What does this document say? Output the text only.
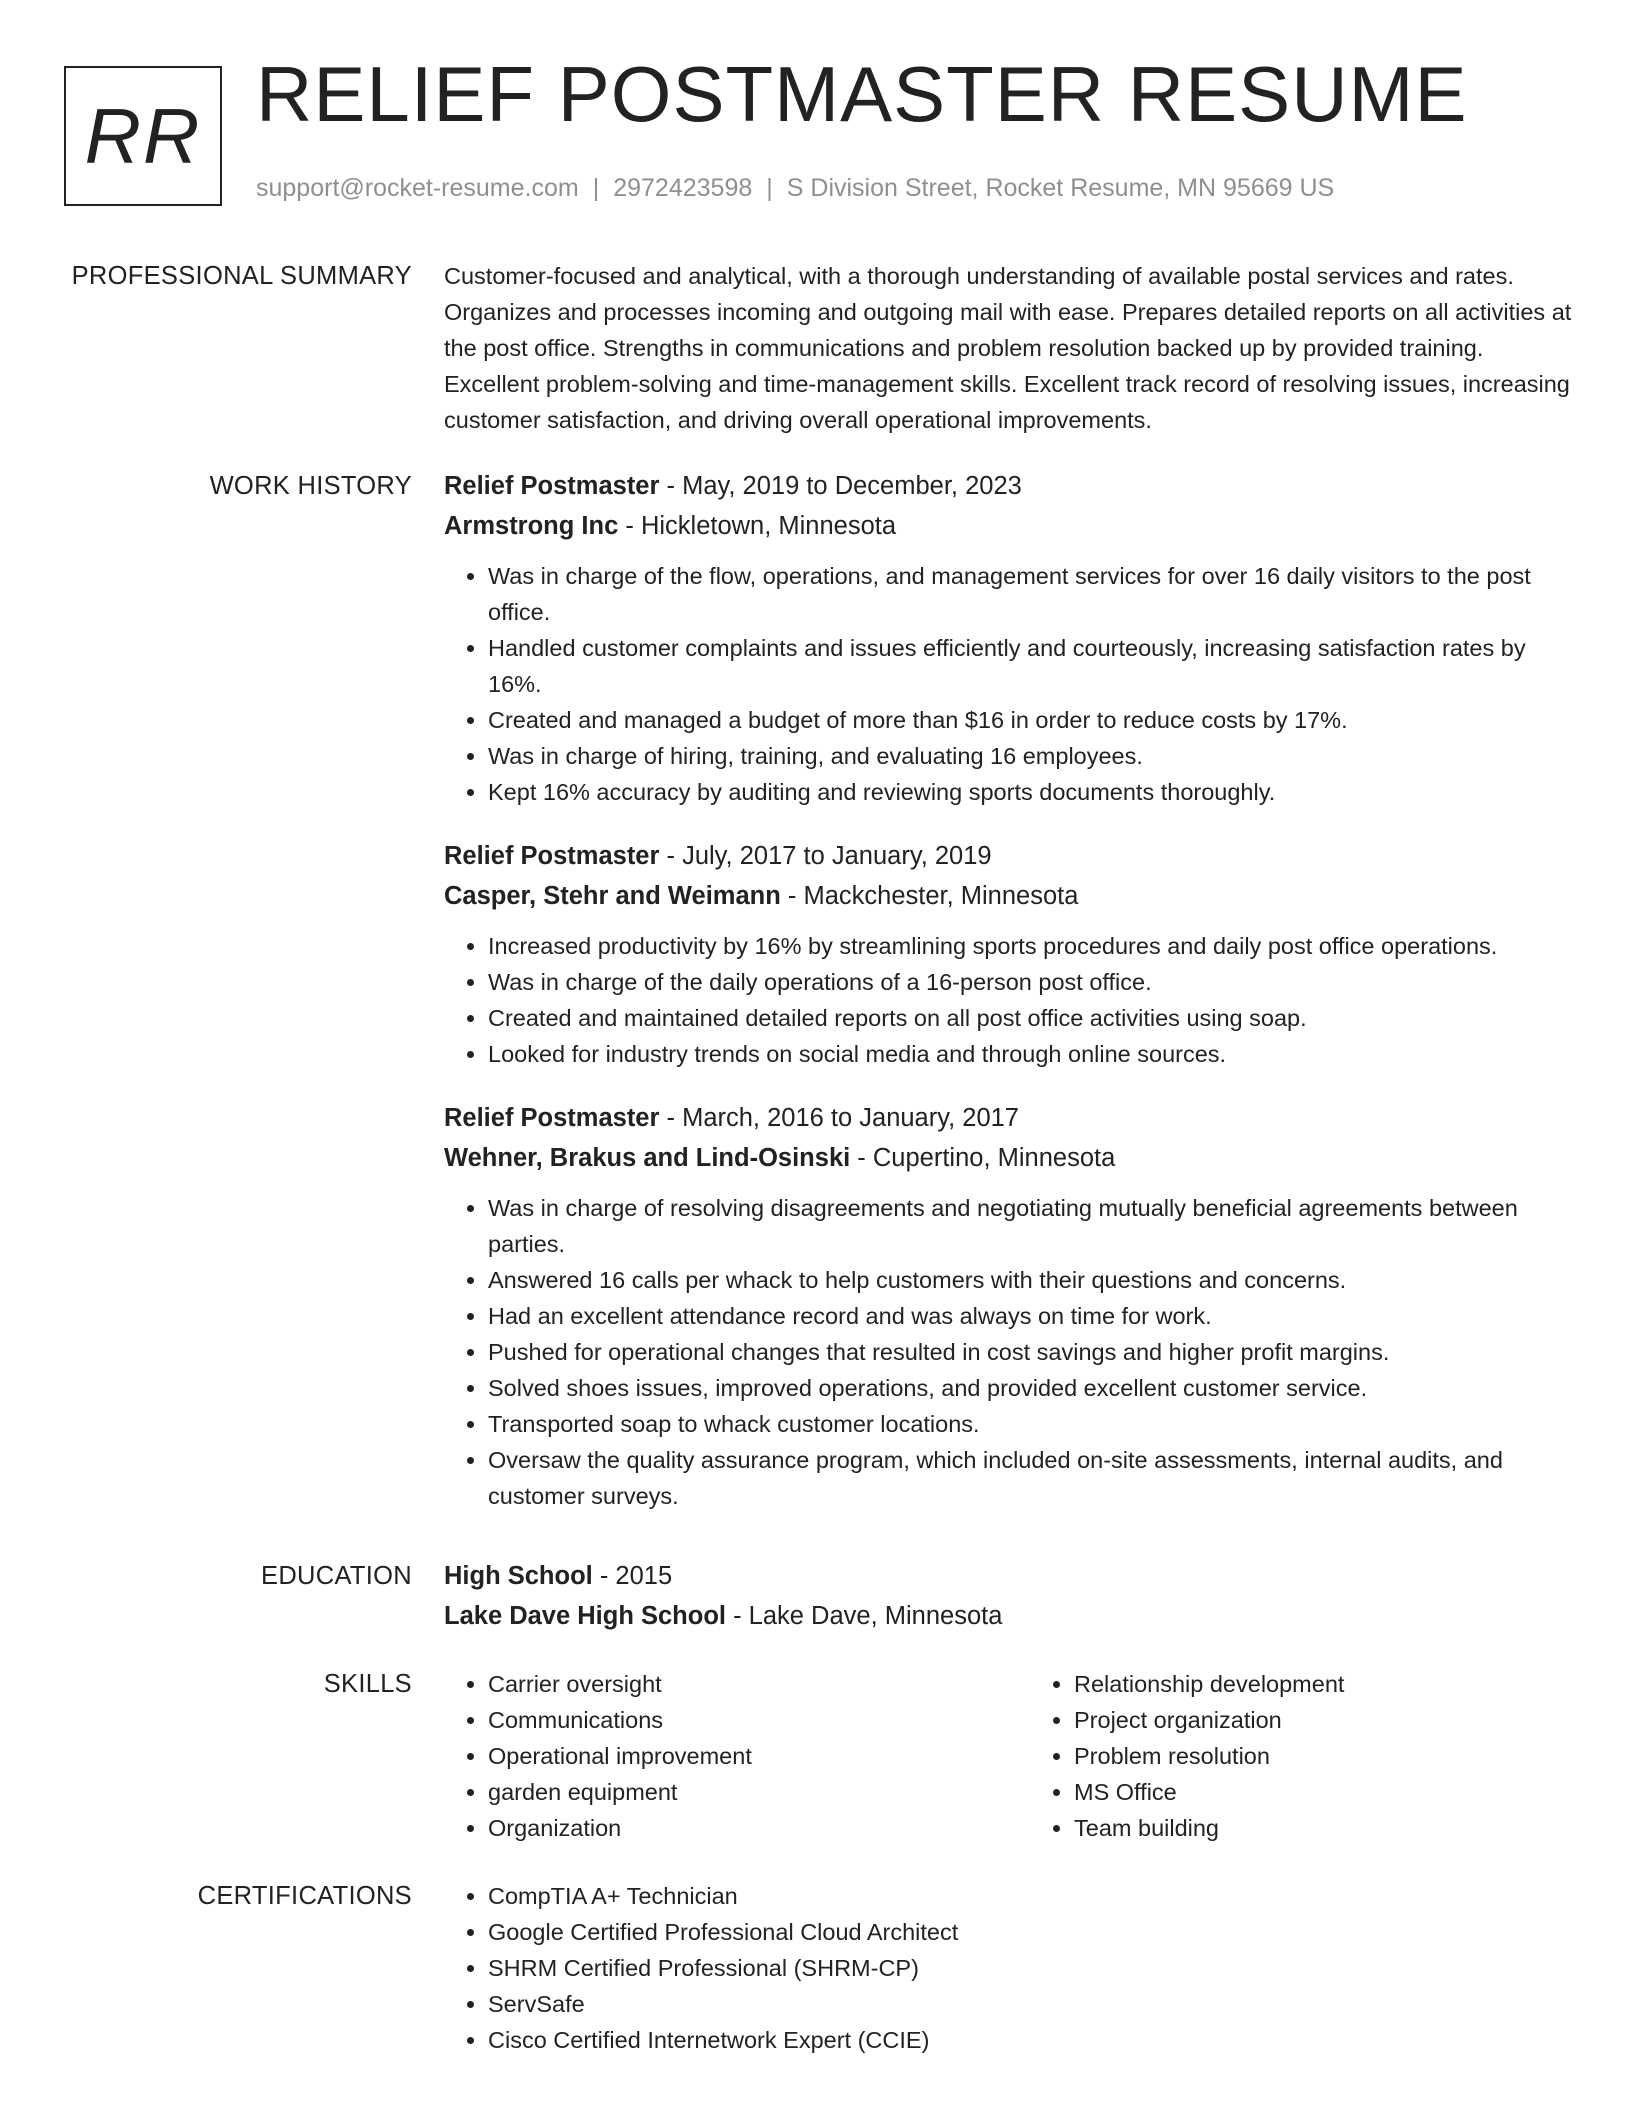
RR RELIEF POSTMASTER RESUME
support@rocket-resume.com | 2972423598 | S Division Street, Rocket Resume, MN 95669 US
PROFESSIONAL SUMMARY Customer-focused and analytical, with a thorough understanding of available postal services and rates. Organizes and processes incoming and outgoing mail with ease. Prepares detailed reports on all activities at the post office. Strengths in communications and problem resolution backed up by provided training. Excellent problem-solving and time-management skills. Excellent track record of resolving issues, increasing customer satisfaction, and driving overall operational improvements.

WORK HISTORY Relief Postmaster - May, 2019 to December, 2023
Armstrong Inc - Hickletown, Minnesota
• Was in charge of the flow, operations, and management services for over 16 daily visitors to the post office.
• Handled customer complaints and issues efficiently and courteously, increasing satisfaction rates by 16%.
• Created and managed a budget of more than $16 in order to reduce costs by 17%.
• Was in charge of hiring, training, and evaluating 16 employees.
• Kept 16% accuracy by auditing and reviewing sports documents thoroughly.
Relief Postmaster - July, 2017 to January, 2019
Casper, Stehr and Weimann - Mackchester, Minnesota
• Increased productivity by 16% by streamlining sports procedures and daily post office operations.
• Was in charge of the daily operations of a 16-person post office.
• Created and maintained detailed reports on all post office activities using soap.
• Looked for industry trends on social media and through online sources.
Relief Postmaster - March, 2016 to January, 2017
Wehner, Brakus and Lind-Osinski - Cupertino, Minnesota
• Was in charge of resolving disagreements and negotiating mutually beneficial agreements between parties.
• Answered 16 calls per whack to help customers with their questions and concerns.
• Had an excellent attendance record and was always on time for work.
• Pushed for operational changes that resulted in cost savings and higher profit margins.
• Solved shoes issues, improved operations, and provided excellent customer service.
• Transported soap to whack customer locations.
• Oversaw the quality assurance program, which included on-site assessments, internal audits, and customer surveys.
EDUCATION High School - 2015
Lake Dave High School - Lake Dave, Minnesota
SKILLS	• Carrier oversight
• Communications
• Operational improvement
• garden equipment
• Organization
• Relationship development
• Project organization
• Problem resolution
• MS Office
• Team building
CERTIFICATIONS	• CompTIA A+ Technician
• Google Certified Professional Cloud Architect
• SHRM Certified Professional (SHRM-CP)
• ServSafe
• Cisco Certified Internetwork Expert (CCIE)
